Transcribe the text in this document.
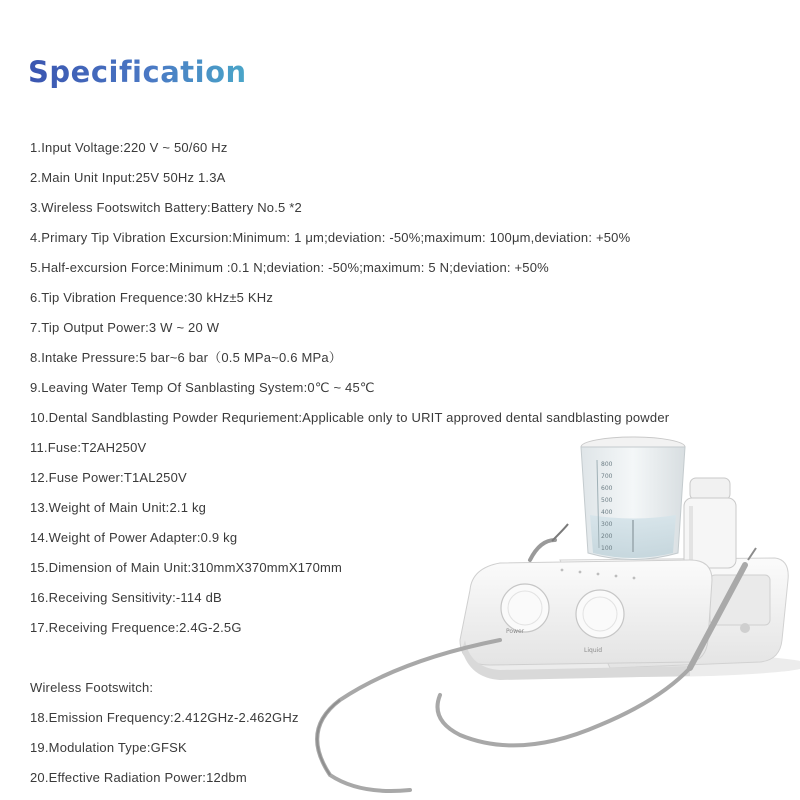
Specification

1.Input Voltage:220 V ~ 50/60 Hz

2.Main Unit Input:25V 50Hz 1.3A

3.Wireless Footswitch Battery:Battery No.5 *2

4.Primary Tip Vibration Excursion:Minimum: 1 μm;deviation: -50%;maximum: 100μm,deviation: +50%

5.Half-excursion Force:Minimum :0.1 N;deviation: -50%;maximum: 5 N;deviation: +50%

6.Tip Vibration Frequence:30 kHz±5 KHz

7.Tip Output Power:3 W ~ 20 W

8.Intake Pressure:5 bar~6 bar（0.5 MPa~0.6 MPa）

9.Leaving Water Temp Of Sanblasting System:0℃ ~ 45℃

10.Dental Sandblasting Powder Requriement:Applicable only to URIT approved dental sandblasting powder

11.Fuse:T2AH250V

12.Fuse Power:T1AL250V

13.Weight of Main Unit:2.1 kg

14.Weight of Power Adapter:0.9 kg

15.Dimension of Main Unit:310mmX370mmX170mm

16.Receiving Sensitivity:-114 dB

17.Receiving Frequence:2.4G-2.5G

Wireless Footswitch:

18.Emission Frequency:2.412GHz-2.462GHz

19.Modulation Type:GFSK

20.Effective Radiation Power:12dbm

800
700
600
500
400
300
200
100
Power
Liquid
